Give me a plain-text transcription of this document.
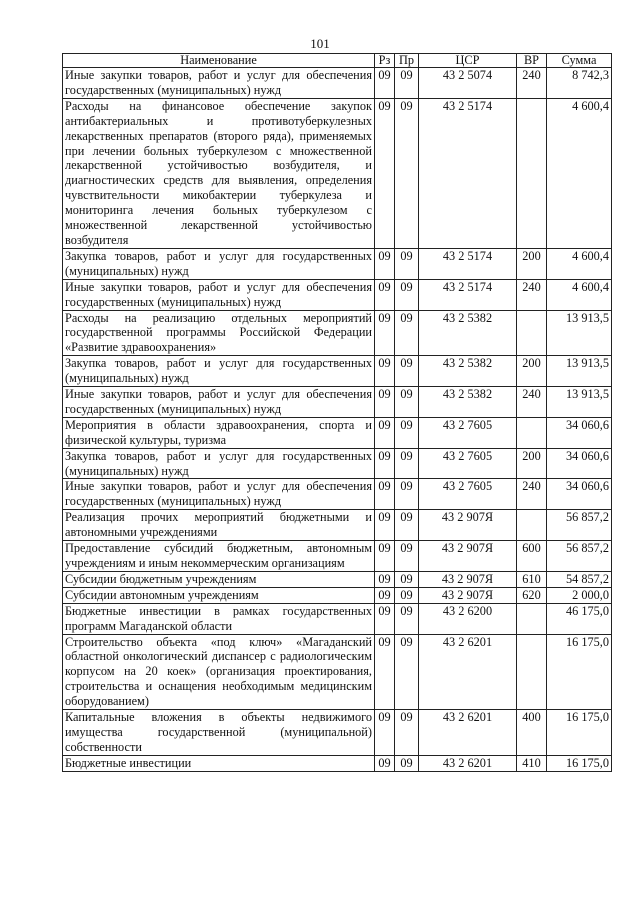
101
Наименование	Рз	Пр	ЦСР	ВР	Сумма
Иные закупки товаров, работ и услуг для обеспечения государственных (муниципальных) нужд	09	09	43 2 5074	240	8 742,3
Расходы на финансовое обеспечение закупок антибактериальных и противотуберкулезных лекарственных препаратов (второго ряда), применяемых при лечении больных туберкулезом с множественной лекарственной устойчивостью возбудителя, и диагностических средств для выявления, определения чувствительности микобактерии туберкулеза и мониторинга лечения больных туберкулезом с множественной лекарственной устойчивостью возбудителя	09	09	43 2 5174		4 600,4
Закупка товаров, работ и услуг для государственных (муниципальных) нужд	09	09	43 2 5174	200	4 600,4
Иные закупки товаров, работ и услуг для обеспечения государственных (муниципальных) нужд	09	09	43 2 5174	240	4 600,4
Расходы на реализацию отдельных мероприятий государственной программы Российской Федерации «Развитие здравоохранения»	09	09	43 2 5382		13 913,5
Закупка товаров, работ и услуг для государственных (муниципальных) нужд	09	09	43 2 5382	200	13 913,5
Иные закупки товаров, работ и услуг для обеспечения государственных (муниципальных) нужд	09	09	43 2 5382	240	13 913,5
Мероприятия в области здравоохранения, спорта и физической культуры, туризма	09	09	43 2 7605		34 060,6
Закупка товаров, работ и услуг для государственных (муниципальных) нужд	09	09	43 2 7605	200	34 060,6
Иные закупки товаров, работ и услуг для обеспечения государственных (муниципальных) нужд	09	09	43 2 7605	240	34 060,6
Реализация прочих мероприятий бюджетными и автономными учреждениями	09	09	43 2 907Я		56 857,2
Предоставление субсидий бюджетным, автономным учреждениям и иным некоммерческим организациям	09	09	43 2 907Я	600	56 857,2
Субсидии бюджетным учреждениям	09	09	43 2 907Я	610	54 857,2
Субсидии автономным учреждениям	09	09	43 2 907Я	620	2 000,0
Бюджетные инвестиции в рамках государственных программ Магаданской области	09	09	43 2 6200		46 175,0
Строительство объекта «под ключ» «Магаданский областной онкологический диспансер с радиологическим корпусом на 20 коек» (организация проектирования, строительства и оснащения необходимым медицинским оборудованием)	09	09	43 2 6201		16 175,0
Капитальные вложения в объекты недвижимого имущества государственной (муниципальной) собственности	09	09	43 2 6201	400	16 175,0
Бюджетные инвестиции	09	09	43 2 6201	410	16 175,0
